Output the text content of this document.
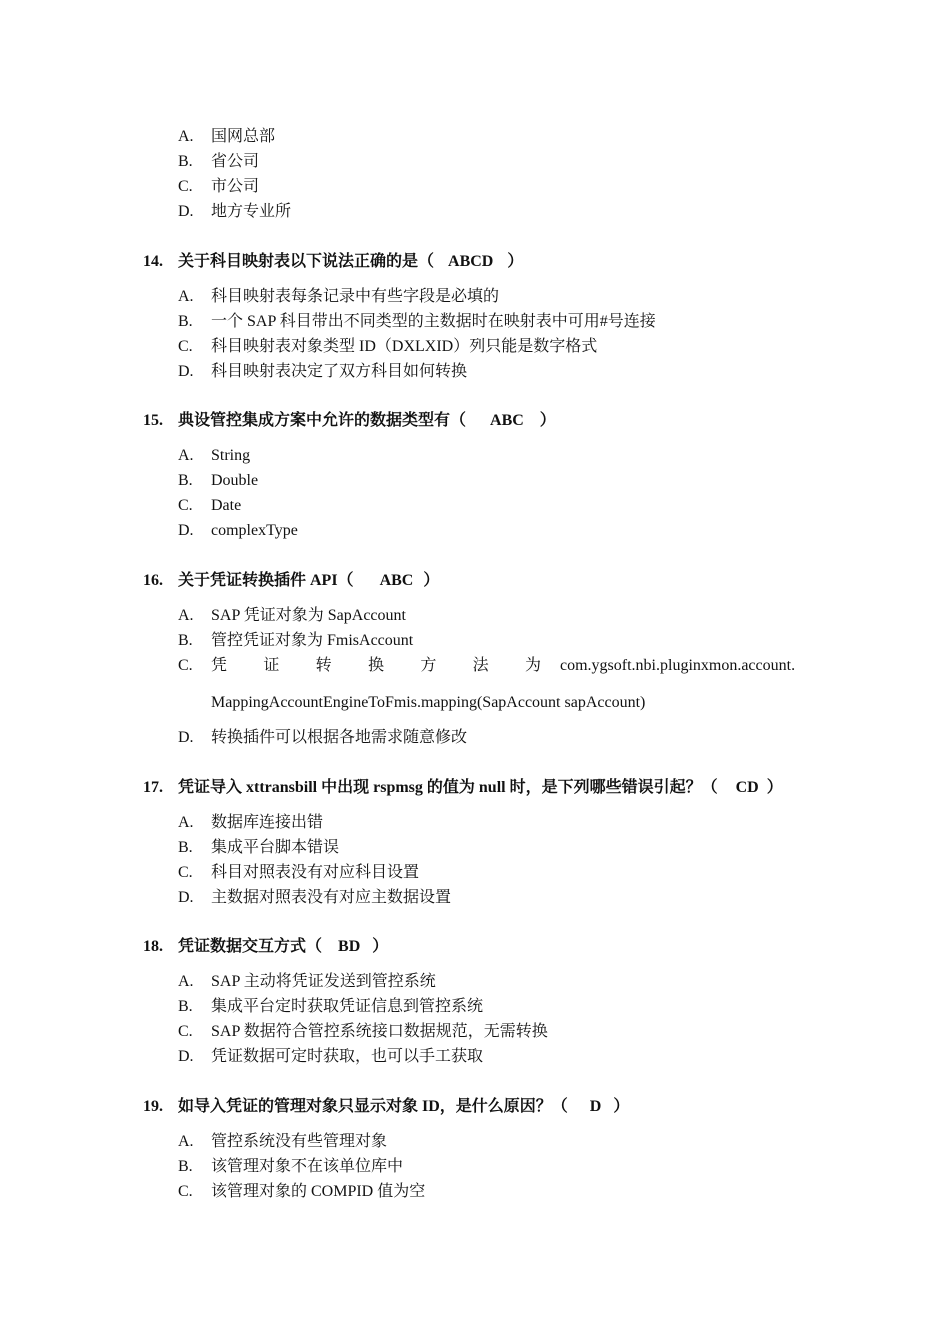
A. 国网总部
B. 省公司
C. 市公司
D. 地方专业所
14. 关于科目映射表以下说法正确的是（ ABCD ）
A. 科目映射表每条记录中有些字段是必填的
B. 一个 SAP 科目带出不同类型的主数据时在映射表中可用#号连接
C. 科目映射表对象类型 ID（DXLXID）列只能是数字格式
D. 科目映射表决定了双方科目如何转换
15. 典设管控集成方案中允许的数据类型有（ ABC ）
A. String
B. Double
C. Date
D. complexType
16. 关于凭证转换插件 API（ ABC ）
A. SAP 凭证对象为 SapAccount
B. 管控凭证对象为 FmisAccount
C. 凭 证 转 换 方 法 为 com.ygsoft.nbi.pluginxmon.account.
MappingAccountEngineToFmis.mapping(SapAccount sapAccount)
D. 转换插件可以根据各地需求随意修改
17. 凭证导入 xttransbill 中出现 rspmsg 的值为 null 时，是下列哪些错误引起？（ CD ）
A. 数据库连接出错
B. 集成平台脚本错误
C. 科目对照表没有对应科目设置
D. 主数据对照表没有对应主数据设置
18. 凭证数据交互方式（ BD ）
A. SAP 主动将凭证发送到管控系统
B. 集成平台定时获取凭证信息到管控系统
C. SAP 数据符合管控系统接口数据规范，无需转换
D. 凭证数据可定时获取，也可以手工获取
19. 如导入凭证的管理对象只显示对象 ID，是什么原因？（ D ）
A. 管控系统没有些管理对象
B. 该管理对象不在该单位库中
C. 该管理对象的 COMPID 值为空
